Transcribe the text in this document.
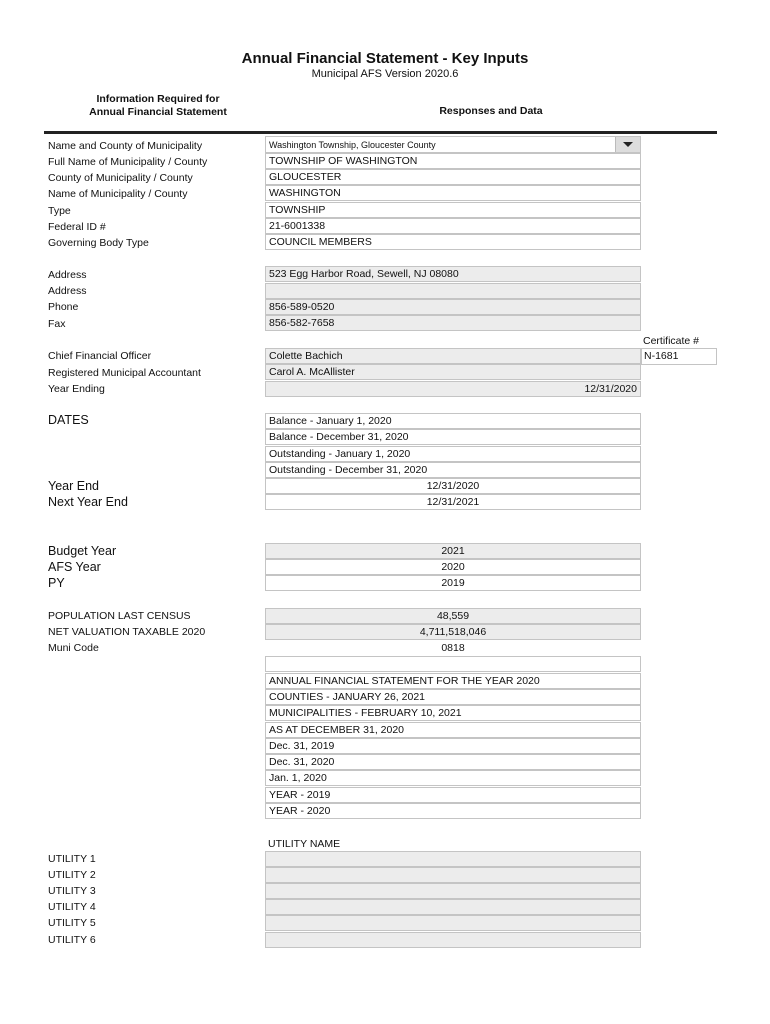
Annual Financial Statement - Key Inputs
Municipal AFS Version 2020.6
Information Required for
Annual Financial Statement	Responses and Data
Name and County of Municipality	Washington Township, Gloucester County
Full Name of Municipality / County	TOWNSHIP OF WASHINGTON
County of Municipality / County	GLOUCESTER
Name of Municipality / County	WASHINGTON
Type	TOWNSHIP
Federal ID #	21-6001338
Governing Body Type	COUNCIL MEMBERS
Address	523 Egg Harbor Road, Sewell, NJ 08080
Address
Phone	856-589-0520
Fax	856-582-7658
Certificate #
Chief Financial Officer	Colette Bachich	N-1681
Registered Municipal Accountant	Carol A. McAllister
Year Ending	12/31/2020
DATES	Balance - January 1, 2020
Balance - December 31, 2020
Outstanding - January 1, 2020
Outstanding - December 31, 2020
Year End	12/31/2020
Next Year End	12/31/2021
Budget Year	2021
AFS Year	2020
PY	2019
POPULATION LAST CENSUS	48,559
NET VALUATION TAXABLE 2020	4,711,518,046
Muni Code	0818
ANNUAL FINANCIAL STATEMENT FOR THE YEAR 2020
COUNTIES - JANUARY 26, 2021
MUNICIPALITIES - FEBRUARY 10, 2021
AS AT DECEMBER 31, 2020
Dec. 31, 2019
Dec. 31, 2020
Jan. 1, 2020
YEAR - 2019
YEAR - 2020
UTILITY NAME
UTILITY 1
UTILITY 2
UTILITY 3
UTILITY 4
UTILITY 5
UTILITY 6
